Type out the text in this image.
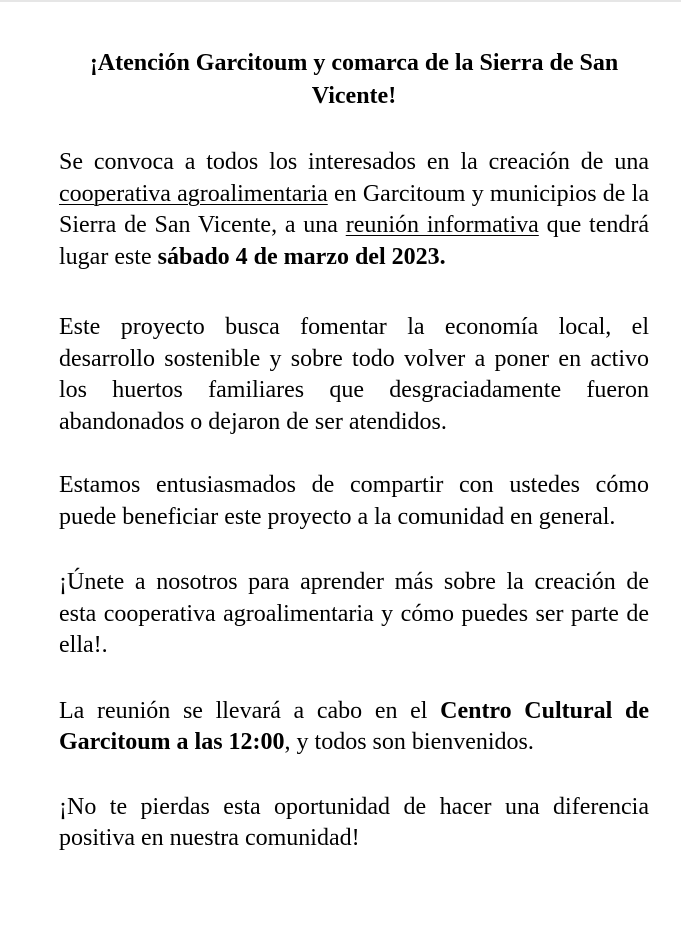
¡Atención Garcitoum y comarca de la Sierra de San Vicente!

Se convoca a todos los interesados en la creación de una cooperativa agroalimentaria en Garcitoum y municipios de la Sierra de San Vicente, a una reunión informativa que tendrá lugar este sábado 4 de marzo del 2023.

Este proyecto busca fomentar la economía local, el desarrollo sostenible y sobre todo volver a poner en activo los huertos familiares que desgraciadamente fueron abandonados o dejaron de ser atendidos.

Estamos entusiasmados de compartir con ustedes cómo puede beneficiar este proyecto a la comunidad en general.

¡Únete a nosotros para aprender más sobre la creación de esta cooperativa agroalimentaria y cómo puedes ser parte de ella!.

La reunión se llevará a cabo en el Centro Cultural de Garcitoum a las 12:00, y todos son bienvenidos.

¡No te pierdas esta oportunidad de hacer una diferencia positiva en nuestra comunidad!
